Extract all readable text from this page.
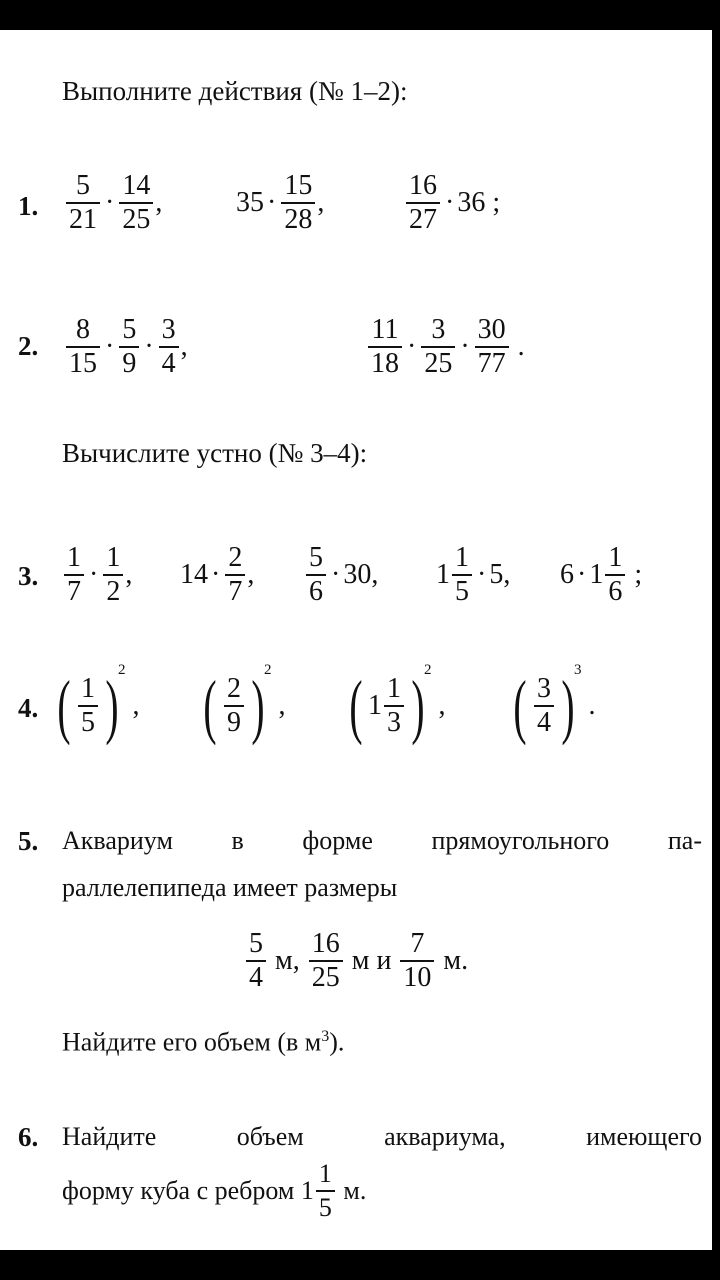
Выполните действия (№ 1–2):
1. $\frac{5}{21} \cdot \frac{14}{25}$ ,	$35 \cdot \frac{15}{28}$ ,	$\frac{16}{27} \cdot 36$
;
2. $\frac{8}{15} \cdot \frac{5}{9} \cdot \frac{3}{4}$ ,	$\frac{11}{18} \cdot \frac{3}{25} \cdot \frac{30}{77}$
.
Вычислите устно (№ 3–4):
3. $\frac{1}{7} \cdot \frac{1}{2}$ , $14 \cdot \frac{2}{7}$ , $\frac{5}{6} \cdot 30$ , $1 \frac{1}{5} \cdot 5$ , $6 \cdot 1 \frac{1}{6}$
;
4. ( $\frac{1}{5}$ ) 2

, ( $\frac{2}{9}$ ) 2

, ( $1 \frac{1}{3}$ ) 2

, ( $\frac{3}{4}$ ) 3

.
5. Аквариум в форме прямоугольного па-
раллелепипеда имеет размеры
$\frac{5}{4} м$, $\frac{16}{25}$ м и $\frac{7}{10} м$.
Найдите его объем (в $м^3$).
6. Найдите объем аквариума, имеющего
форму куба с ребром $1 \frac{1}{5} м$.
